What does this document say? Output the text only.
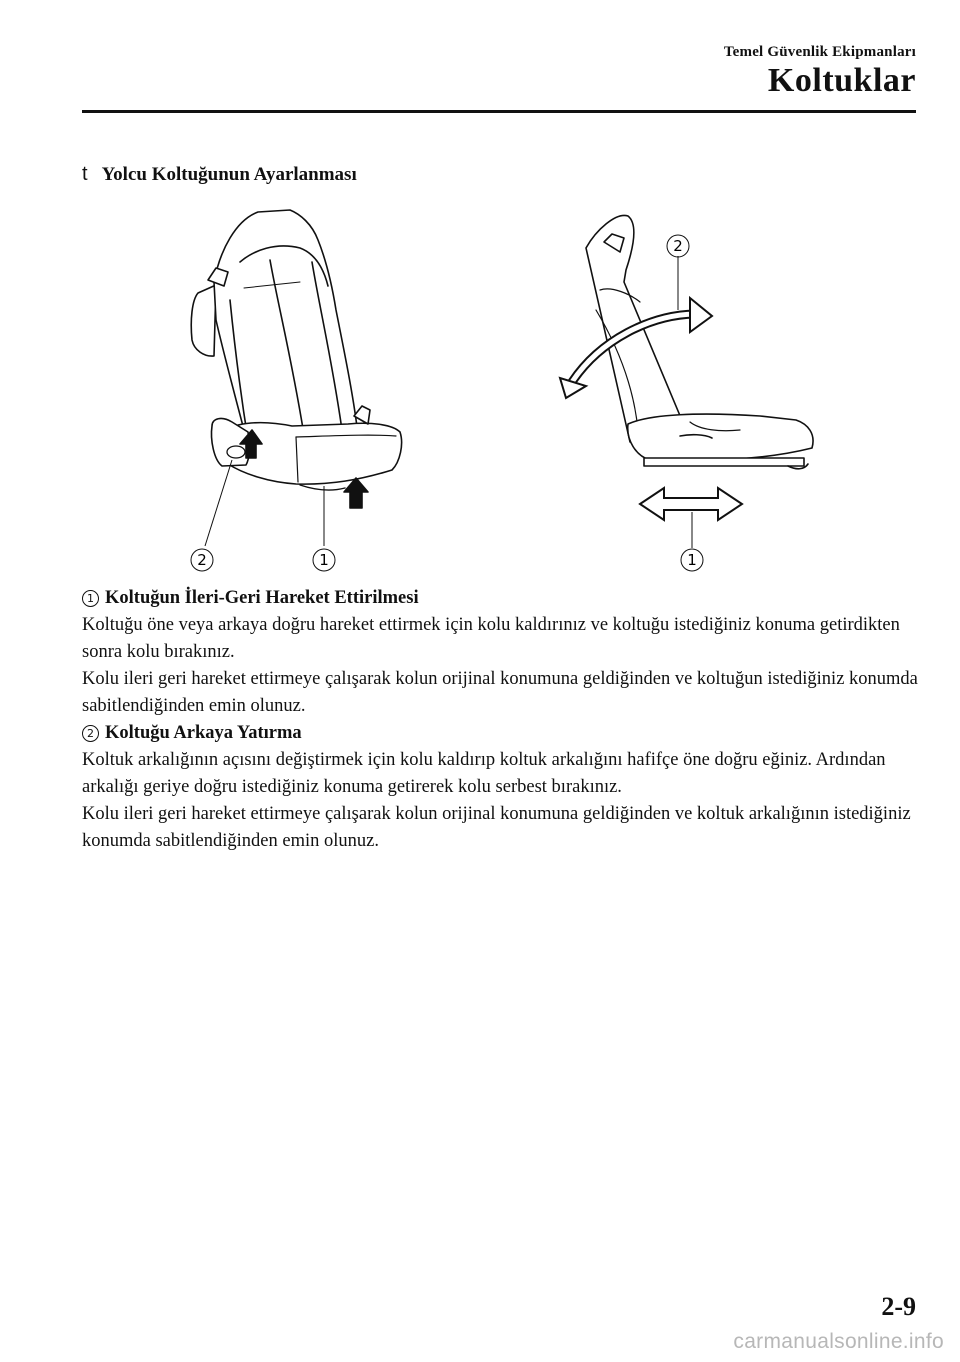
Temel Güvenlik Ekipmanları
Koltuklar
t Yolcu Koltuğunun Ayarlanması
2	1
2
1
1 Koltuğun İleri-Geri Hareket Ettirilmesi

Koltuğu öne veya arkaya doğru hareket ettirmek için kolu kaldırınız ve koltuğu istediğiniz konuma getirdikten sonra kolu bırakınız.

Kolu ileri geri hareket ettirmeye çalışarak kolun orijinal konumuna geldiğinden ve koltuğun istediğiniz konumda sabitlendiğinden emin olunuz.

2 Koltuğu Arkaya Yatırma

Koltuk arkalığının açısını değiştirmek için kolu kaldırıp koltuk arkalığını hafifçe öne doğru eğiniz. Ardından arkalığı geriye doğru istediğiniz konuma getirerek kolu serbest bırakınız.

Kolu ileri geri hareket ettirmeye çalışarak kolun orijinal konumuna geldiğinden ve koltuk arkalığının istediğiniz konumda sabitlendiğinden emin olunuz.

2-9
carmanualsonline.info
